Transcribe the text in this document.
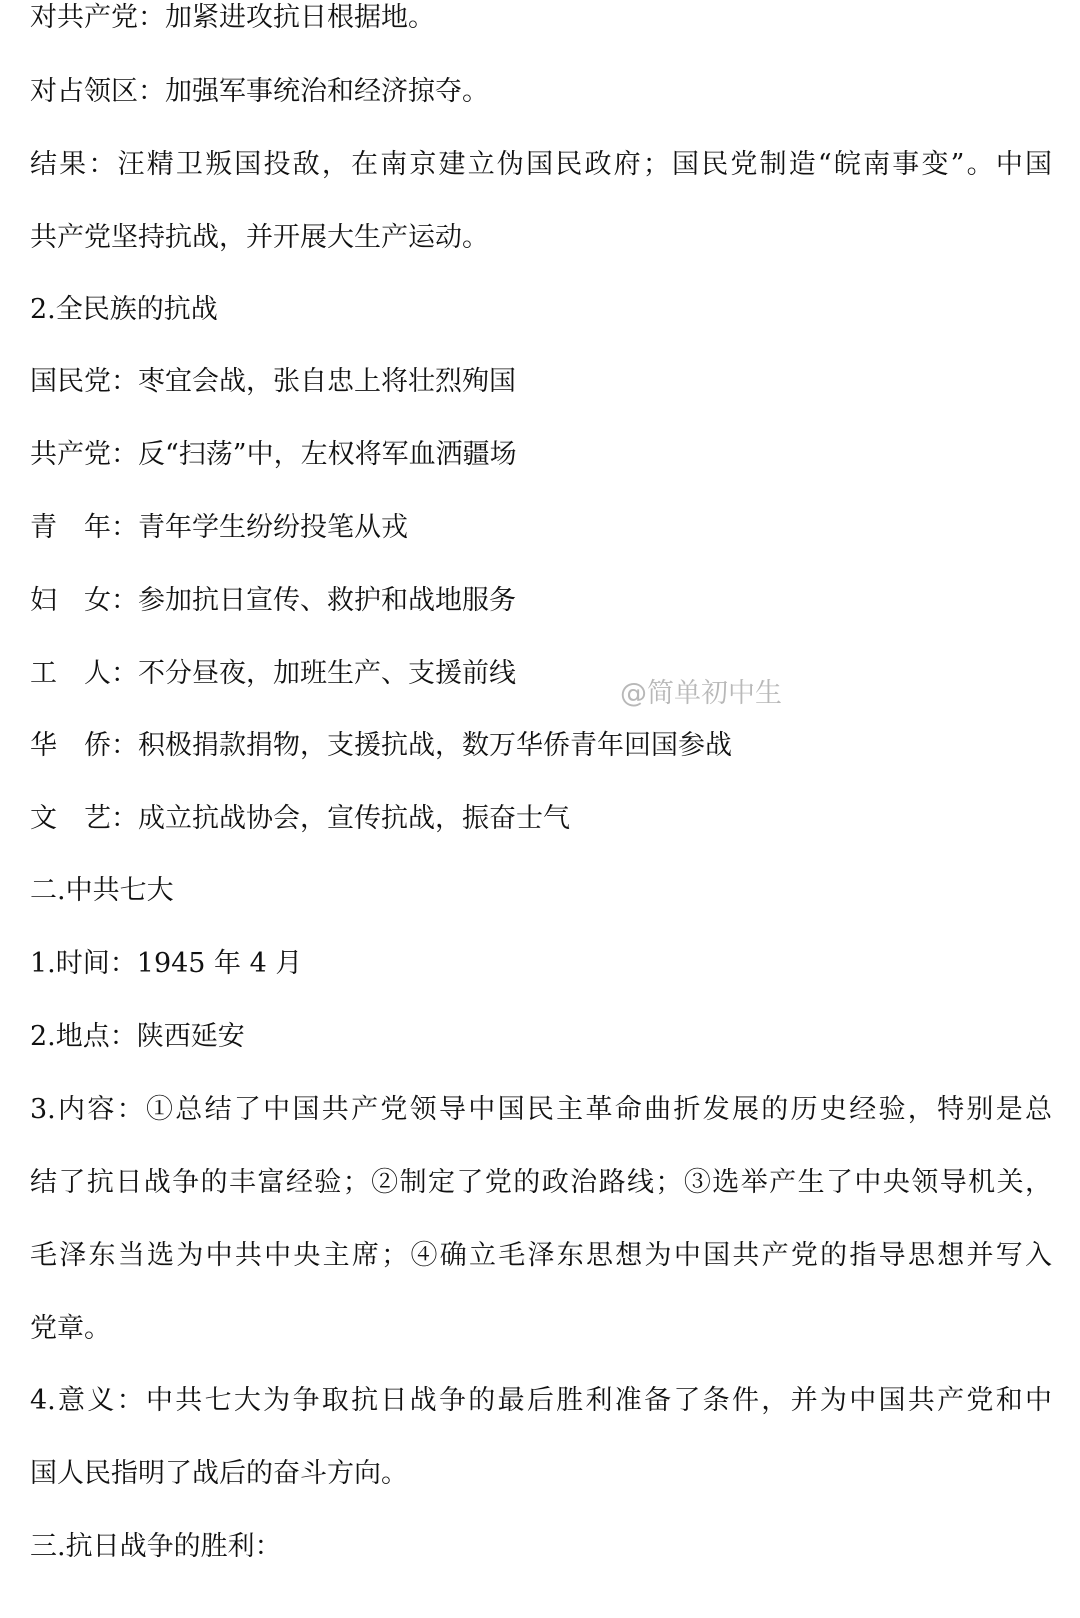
对共产党：加紧进攻抗日根据地。
对占领区：加强军事统治和经济掠夺。
结果：汪精卫叛国投敌，在南京建立伪国民政府；国民党制造“皖南事变”。中国
共产党坚持抗战，并开展大生产运动。
2.全民族的抗战
国民党：枣宜会战，张自忠上将壮烈殉国
共产党：反“扫荡”中，左权将军血洒疆场
青　年：青年学生纷纷投笔从戎
妇　女：参加抗日宣传、救护和战地服务
工　人：不分昼夜，加班生产、支援前线
华　侨：积极捐款捐物，支援抗战，数万华侨青年回国参战
文　艺：成立抗战协会，宣传抗战，振奋士气
二.中共七大
1.时间：1945 年 4 月
2.地点：陕西延安
3.内容：①总结了中国共产党领导中国民主革命曲折发展的历史经验，特别是总
结了抗日战争的丰富经验；②制定了党的政治路线；③选举产生了中央领导机关，
毛泽东当选为中共中央主席；④确立毛泽东思想为中国共产党的指导思想并写入
党章。
4.意义：中共七大为争取抗日战争的最后胜利准备了条件，并为中国共产党和中
国人民指明了战后的奋斗方向。
三.抗日战争的胜利：
@简单初中生
